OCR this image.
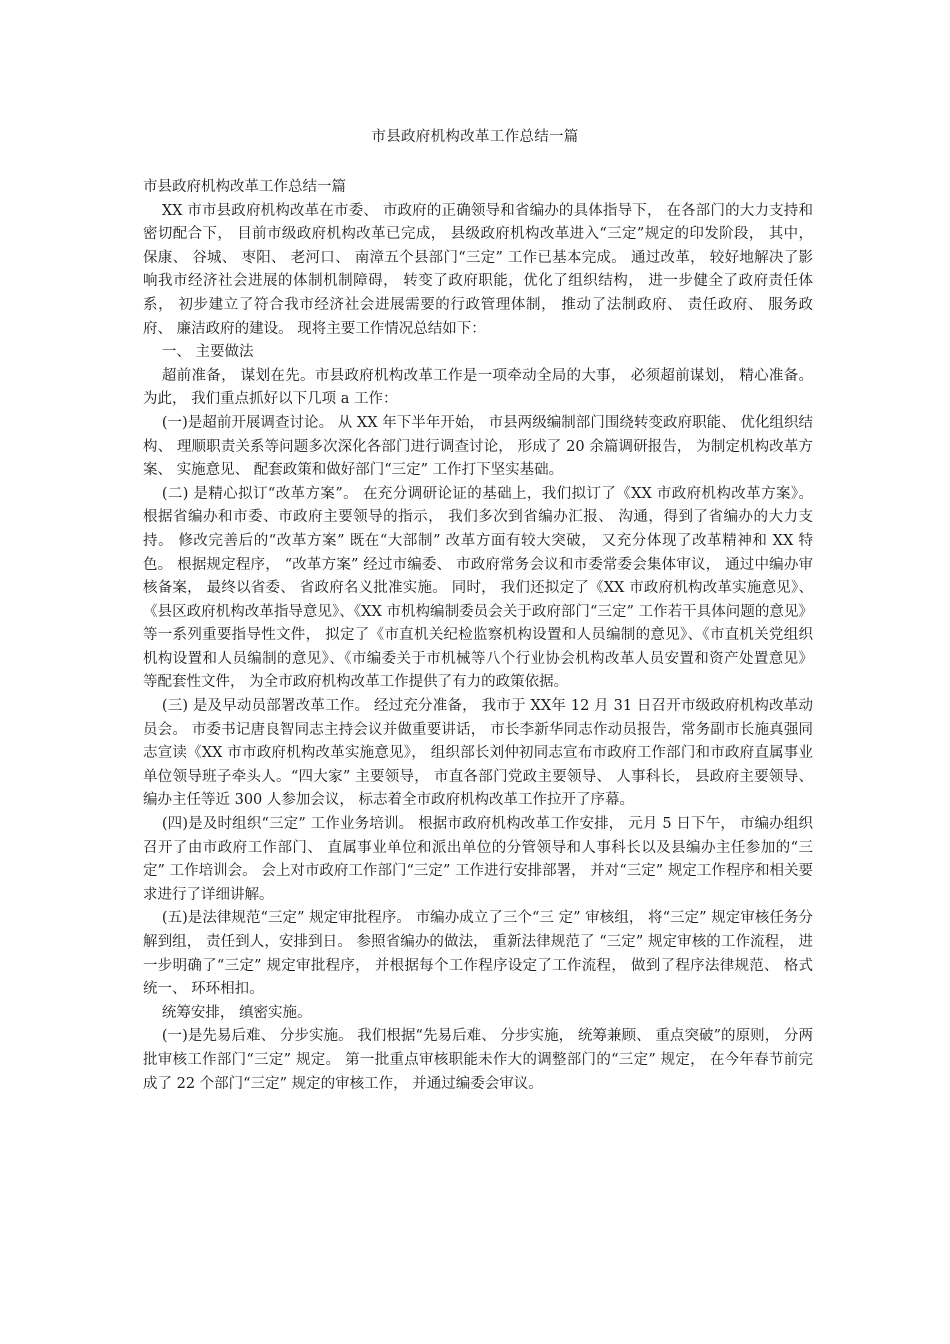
市县政府机构改革工作总结一篇

市县政府机构改革工作总结一篇

XX 市市县政府机构改革在市委、 市政府的正确领导和省编办的具体指导下， 在各部门的大力支持和密切配合下， 目前市级政府机构改革已完成， 县级政府机构改革进入“三定”规定的印发阶段， 其中， 保康、 谷城、 枣阳、 老河口、 南漳五个县部门“三定” 工作已基本完成。 通过改革， 较好地解决了影响我市经济社会进展的体制机制障碍， 转变了政府职能，优化了组织结构， 进一步健全了政府责任体系， 初步建立了符合我市经济社会进展需要的行政管理体制， 推动了法制政府、 责任政府、 服务政府、 廉洁政府的建设。 现将主要工作情况总结如下：

一、 主要做法

超前准备， 谋划在先。市县政府机构改革工作是一项牵动全局的大事， 必须超前谋划， 精心准备。 为此， 我们重点抓好以下几项 a 工作：

(一)是超前开展调查讨论。 从 XX 年下半年开始， 市县两级编制部门围绕转变政府职能、 优化组织结构、 理顺职责关系等问题多次深化各部门进行调查讨论， 形成了 20 余篇调研报告， 为制定机构改革方案、 实施意见、 配套政策和做好部门“三定” 工作打下坚实基础。

(二) 是精心拟订“改革方案”。 在充分调研论证的基础上，我们拟订了《XX 市政府机构改革方案》。 根据省编办和市委、市政府主要领导的指示， 我们多次到省编办汇报、 沟通，得到了省编办的大力支持。 修改完善后的“改革方案” 既在“大部制” 改革方面有较大突破， 又充分体现了改革精神和 XX 特色。 根据规定程序， “改革方案” 经过市编委、 市政府常务会议和市委常委会集体审议， 通过中编办审核备案， 最终以省委、 省政府名义批准实施。 同时， 我们还拟定了《XX 市政府机构改革实施意见》、《县区政府机构改革指导意见》、《XX 市机构编制委员会关于政府部门“三定” 工作若干具体问题的意见》 等一系列重要指导性文件， 拟定了《市直机关纪检监察机构设置和人员编制的意见》、《市直机关党组织机构设置和人员编制的意见》、《市编委关于市机械等八个行业协会机构改革人员安置和资产处置意见》 等配套性文件， 为全市政府机构改革工作提供了有力的政策依据。

(三) 是及早动员部署改革工作。 经过充分准备， 我市于 XX年 12 月 31 日召开市级政府机构改革动员会。 市委书记唐良智同志主持会议并做重要讲话， 市长李新华同志作动员报告，常务副市长施真强同志宣读《XX 市市政府机构改革实施意见》， 组织部长刘仲初同志宣布市政府工作部门和市政府直属事业单位领导班子牵头人。“四大家” 主要领导， 市直各部门党政主要领导、 人事科长， 县政府主要领导、 编办主任等近 300 人参加会议， 标志着全市政府机构改革工作拉开了序幕。

(四)是及时组织“三定” 工作业务培训。 根据市政府机构改革工作安排， 元月 5 日下午， 市编办组织召开了由市政府工作部门、 直属事业单位和派出单位的分管领导和人事科长以及县编办主任参加的“三定” 工作培训会。 会上对市政府工作部门“三定” 工作进行安排部署， 并对“三定” 规定工作程序和相关要求进行了详细讲解。

(五)是法律规范“三定” 规定审批程序。 市编办成立了三个“三 定” 审核组， 将“三定” 规定审核任务分解到组， 责任到人，安排到日。 参照省编办的做法， 重新法律规范了 “三定” 规定审核的工作流程， 进一步明确了“三定” 规定审批程序， 并根据每个工作程序设定了工作流程， 做到了程序法律规范、 格式统一、 环环相扣。

统筹安排， 缜密实施。

(一)是先易后难、 分步实施。 我们根据“先易后难、 分步实施， 统筹兼顾、 重点突破”的原则， 分两批审核工作部门“三定” 规定。 第一批重点审核职能未作大的调整部门的“三定” 规定， 在今年春节前完成了 22 个部门“三定” 规定的审核工作， 并通过编委会审议。
